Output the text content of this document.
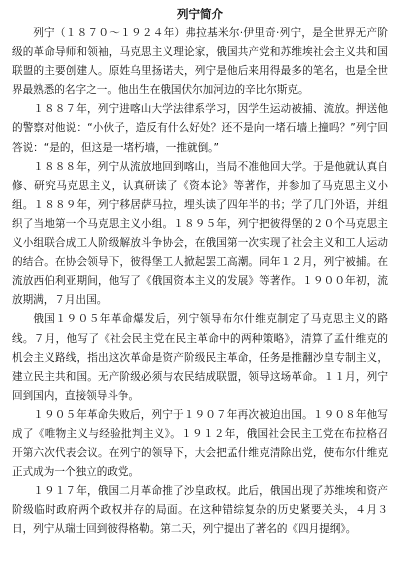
列宁简介

列宁（１８７０～１９２４年）弗拉基米尔·伊里奇·列宁，是全世界无产阶级的革命导师和领袖，马克思主义理论家，俄国共产党和苏维埃社会主义共和国联盟的主要创建人。原姓乌里扬诺夫，列宁是他后来用得最多的笔名，也是全世界最熟悉的名字之一。他出生在俄国伏尔加河边的辛比尔斯克。

１８８７年，列宁进喀山大学法律系学习，因学生运动被捕、流放。押送他的警察对他说：“小伙子，造反有什么好处？还不是向一堵石墙上撞吗？”列宁回答说：“是的，但这是一堵朽墙，一推就倒。”

１８８８年，列宁从流放地回到喀山，当局不准他回大学。于是他就认真自修、研究马克思主义，认真研读了《资本论》等著作，并参加了马克思主义小组。１８８９年，列宁移居萨马拉，埋头读了四年半的书；学了几门外语，并组织了当地第一个马克思主义小组。１８９５年，列宁把彼得堡的２０个马克思主义小组联合成工人阶级解放斗争协会，在俄国第一次实现了社会主义和工人运动的结合。在协会领导下，彼得堡工人掀起罢工高潮。同年１２月，列宁被捕。在流放西伯利亚期间，他写了《俄国资本主义的发展》等著作。１９００年初，流放期满，７月出国。

俄国１９０５年革命爆发后，列宁领导布尔什维克制定了马克思主义的路线。７月，他写了《社会民主党在民主革命中的两种策略》，清算了孟什维克的机会主义路线，指出这次革命是资产阶级民主革命，任务是推翻沙皇专制主义，建立民主共和国。无产阶级必须与农民结成联盟，领导这场革命。１１月，列宁回到国内，直接领导斗争。

１９０５年革命失败后，列宁于１９０７年再次被迫出国。１９０８年他写成了《唯物主义与经验批判主义》。１９１２年，俄国社会民主工党在布拉格召开第六次代表会议。在列宁的领导下，大会把孟什维克清除出党，使布尔什维克正式成为一个独立的政党。

１９１７年，俄国二月革命推了沙皇政权。此后，俄国出现了苏维埃和资产阶级临时政府两个政权并存的局面。在这种错综复杂的历史紧要关头，４月３日，列宁从瑞士回到彼得格勒。第二天，列宁提出了著名的《四月提纲》。
